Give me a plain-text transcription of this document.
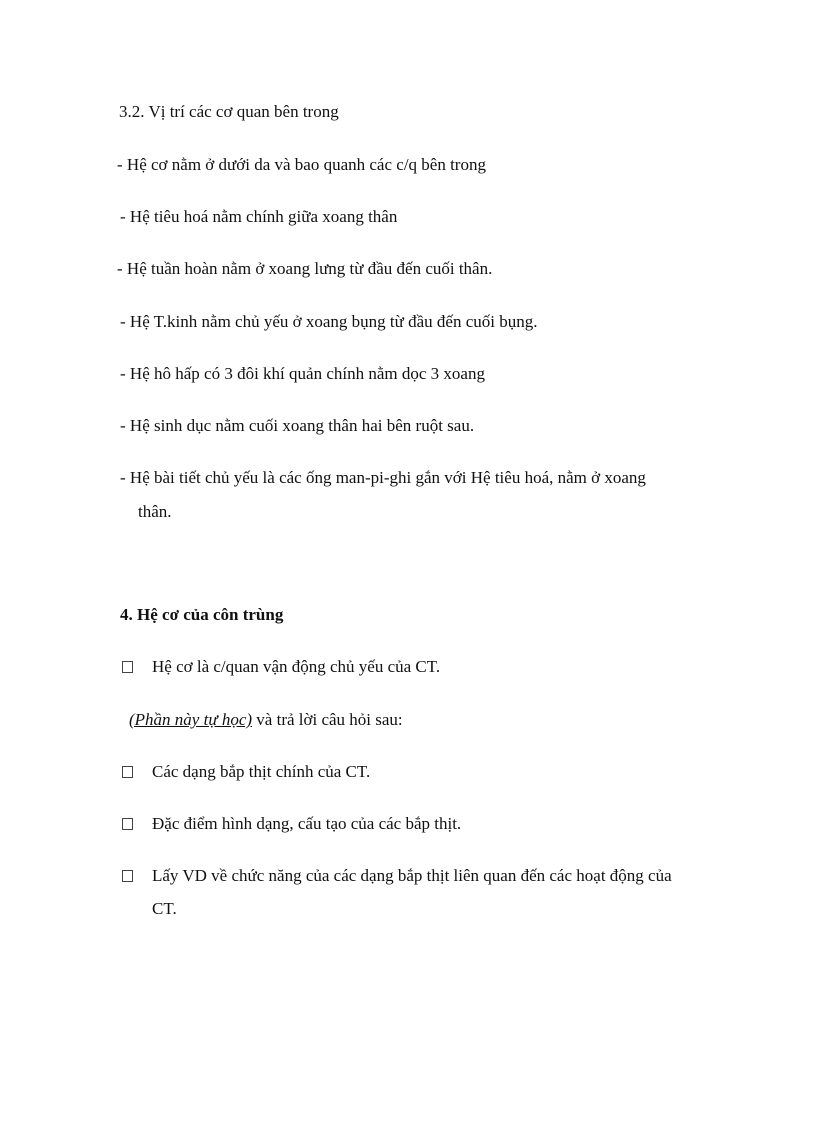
3.2. Vị trí các cơ quan bên trong
- Hệ cơ nằm ở dưới da và bao quanh các c/q bên trong
- Hệ tiêu hoá nằm chính giữa xoang thân
- Hệ tuần hoàn nằm ở xoang lưng từ đầu đến cuối thân.
- Hệ T.kinh nằm chủ yếu ở xoang bụng từ đầu đến cuối bụng.
- Hệ hô hấp có 3 đôi khí quản chính nằm dọc 3 xoang
- Hệ sinh dục nằm cuối xoang thân hai bên ruột sau.
- Hệ bài tiết chủ yếu là các ống man-pi-ghi gắn với Hệ tiêu hoá, nằm ở xoang
thân.
4. Hệ cơ của côn trùng
Hệ cơ là c/quan vận động chủ yếu của CT.
(Phần này tự học) và trả lời câu hỏi sau:
Các dạng bắp thịt chính của CT.
Đặc điểm hình dạng, cấu tạo của các bắp thịt.
Lấy VD về chức năng của các dạng bắp thịt liên quan đến các hoạt động của
CT.
